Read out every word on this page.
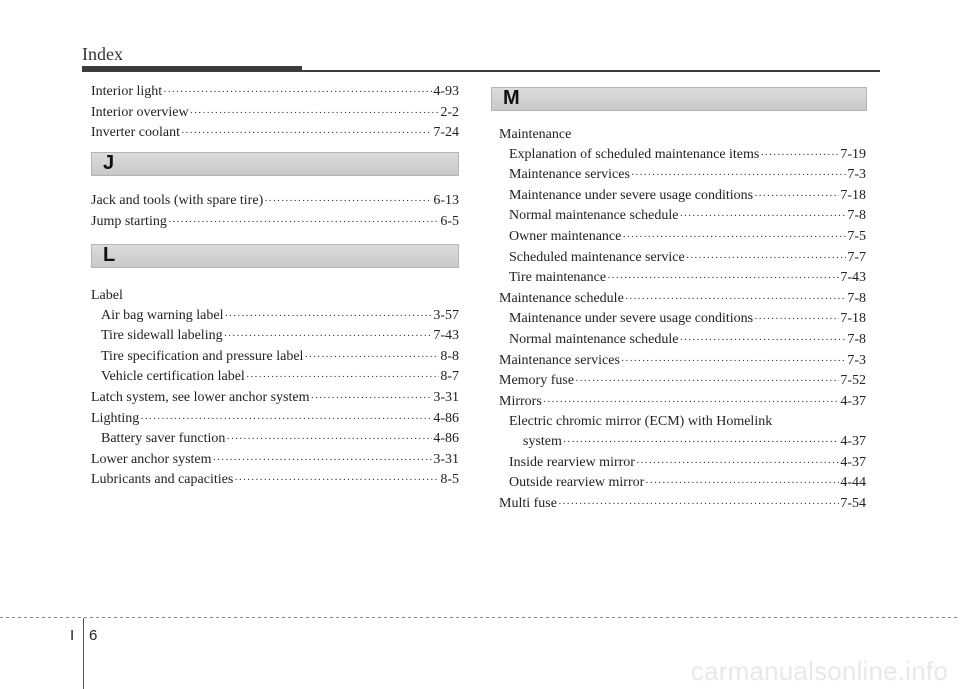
Index
Interior light ·····	4-93
Interior overview ·····	2-2
Inverter coolant ·····	7-24
J
Jack and tools (with spare tire) ·····	6-13
Jump starting ·····	6-5
L
Label
Air bag warning label ·····	3-57
Tire sidewall labeling ·····	7-43
Tire specification and pressure label ·····	8-8
Vehicle certification label ·····	8-7
Latch system, see lower anchor system ·····	3-31
Lighting ·····	4-86
Battery saver function ·····	4-86
Lower anchor system ·····	3-31
Lubricants and capacities ·····	8-5
M
Maintenance
Explanation of scheduled maintenance items ·····	7-19
Maintenance services ·····	7-3
Maintenance under severe usage conditions ·····	7-18
Normal maintenance schedule ·····	7-8
Owner maintenance ·····	7-5
Scheduled maintenance service ·····	7-7
Tire maintenance ·····	7-43
Maintenance schedule ·····	7-8
Maintenance under severe usage conditions ·····	7-18
Normal maintenance schedule ·····	7-8
Maintenance services ·····	7-3
Memory fuse ·····	7-52
Mirrors ·····	4-37
Electric chromic mirror (ECM) with Homelink
system ·····	4-37
Inside rearview mirror ·····	4-37
Outside rearview mirror ·····	4-44
Multi fuse ·····	7-54
I 6
carmanualsonline.info
